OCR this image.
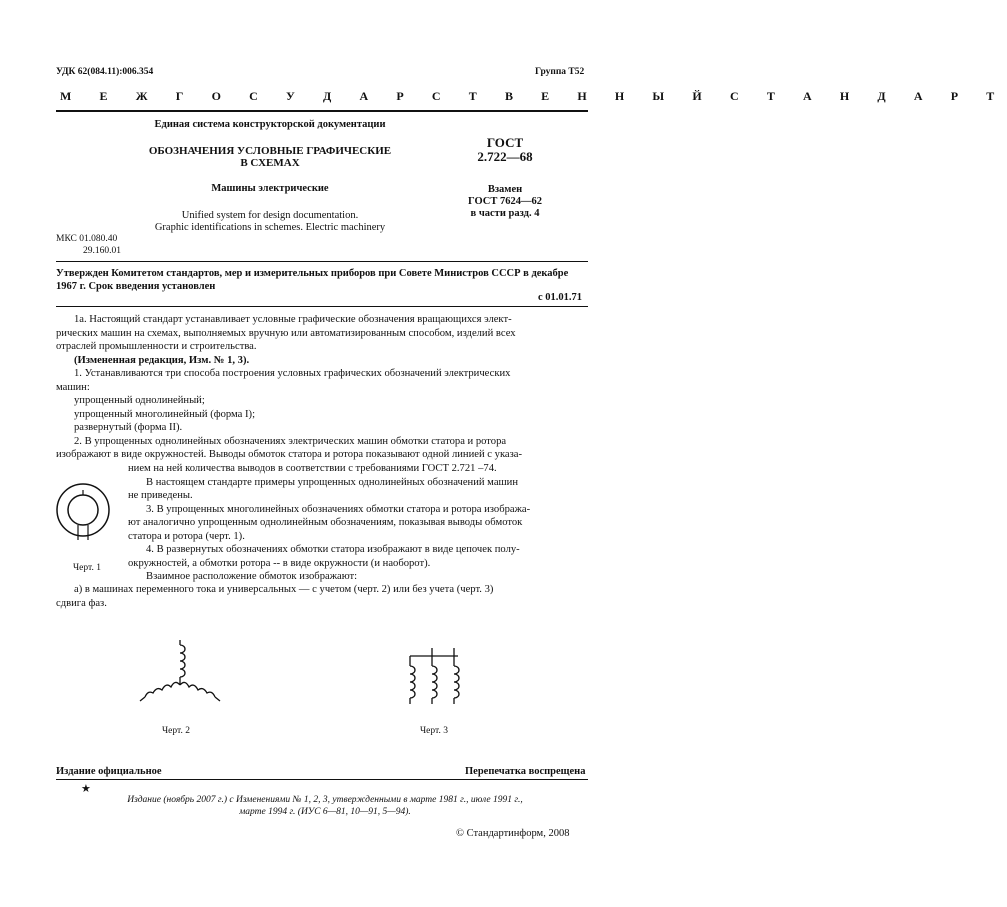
УДК 62(084.11):006.354	Группа Т52
М Е Ж Г О С У Д А Р С Т В Е Н Н Ы Й С Т А Н Д А Р Т
Единая система конструкторской документации
ОБОЗНАЧЕНИЯ УСЛОВНЫЕ ГРАФИЧЕСКИЕ
В СХЕМАХ
Машины электрические
Unified system for design documentation.
Graphic identifications in schemes. Electric machinery
МКС 01.080.40
29.160.01
ГОСТ
2.722—68
Взамен
ГОСТ 7624—62
в части разд. 4
Утвержден Комитетом стандартов, мер и измерительных приборов при Совете Министров СССР в декабре
1967 г. Срок введения установлен
с 01.01.71
1а. Настоящий стандарт устанавливает условные графические обозначения вращающихся элект-
рических машин на схемах, выполняемых вручную или автоматизированным способом, изделий всех
отраслей промышленности и строительства.
(Измененная редакция, Изм. № 1, 3).
1. Устанавливаются три способа построения условных графических обозначений электрических
машин:
упрощенный однолинейный;
упрощенный многолинейный (форма I);
развернутый (форма II).
2. В упрощенных однолинейных обозначениях электрических машин обмотки статора и ротора
изображают в виде окружностей. Выводы обмоток статора и ротора показывают одной линией с указа-
нием на ней количества выводов в соответствии с требованиями ГОСТ 2.721 –74.
В настоящем стандарте примеры упрощенных однолинейных обозначений машин
не приведены.
3. В упрощенных многолинейных обозначениях обмотки статора и ротора изобража-
ют аналогично упрощенным однолинейным обозначениям, показывая выводы обмоток
статора и ротора (черт. 1).
4. В развернутых обозначениях обмотки статора изображают в виде цепочек полу-
окружностей, а обмотки ротора -- в виде окружности (и наоборот).
Взаимное расположение обмоток изображают:
а) в машинах переменного тока и универсальных — с учетом (черт. 2) или без учета (черт. 3)
сдвига фаз.
Черт. 1
Черт. 2	Черт. 3
Издание официальное	Перепечатка воспрещена
★
Издание (ноябрь 2007 г.) с Изменениями № 1, 2, 3, утвержденными в марте 1981 г., июле 1991 г.,
марте 1994 г. (ИУС 6—81, 10—91, 5—94).
© Стандартинформ, 2008
